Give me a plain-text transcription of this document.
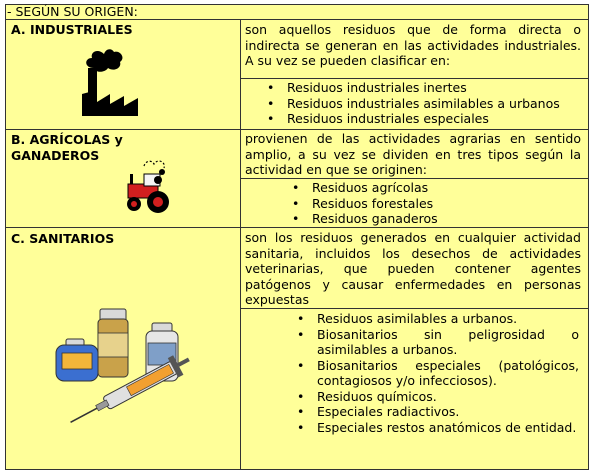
- SEGÚN SU ORIGEN:
A. INDUSTRIALES	son aquellos residuos que de forma directa o indirecta se generan en las actividades industriales. A su vez se pueden clasificar en:
• Residuos industriales inertes
• Residuos industriales asimilables a urbanos
• Residuos industriales especiales
B. AGRÍCOLAS y
GANADEROS
provienen de las actividades agrarias en sentido amplio, a su vez se dividen en tres tipos según la actividad en que se originen:
• Residuos agrícolas
• Residuos forestales
• Residuos ganaderos
C. SANITARIOS	son los residuos generados en cualquier actividad sanitaria, incluidos los desechos de actividades veterinarias, que pueden contener agentes patógenos y causar enfermedades en personas expuestas
• Residuos asimilables a urbanos.
• Biosanitarios sin peligrosidad o asimilables a urbanos.
• Biosanitarios especiales (patológicos, contagiosos y/o infecciosos).
• Residuos químicos.
• Especiales radiactivos.
• Especiales restos anatómicos de entidad.
